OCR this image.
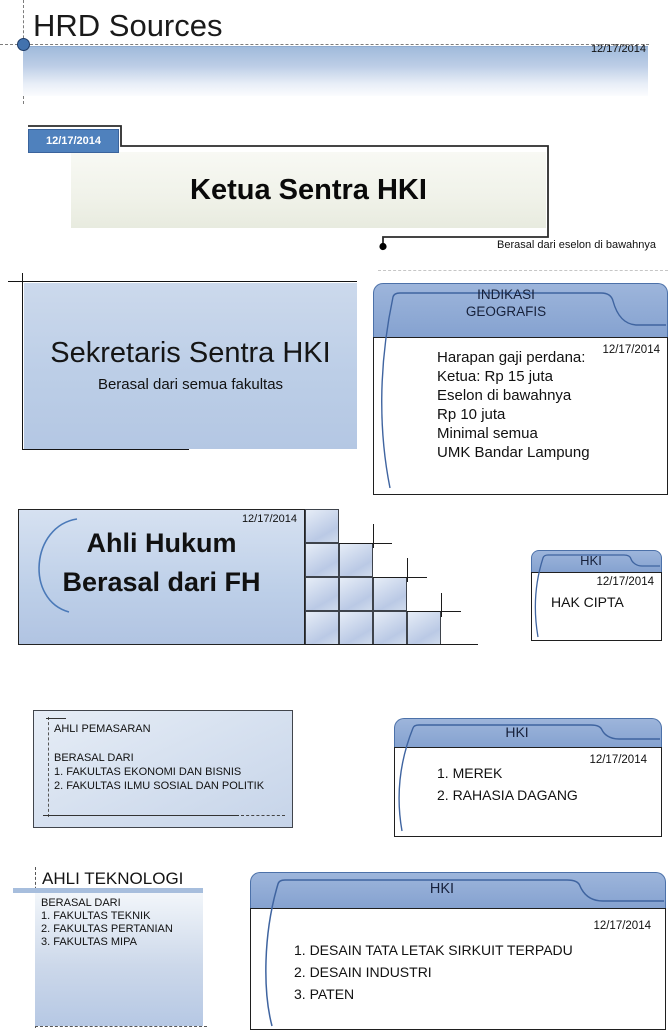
HRD Sources
12/17/2014
12/17/2014
Ketua Sentra HKI
Berasal dari eselon di bawahnya
Sekretaris Sentra HKI
Berasal dari semua fakultas
INDIKASI
GEOGRAFIS
12/17/2014
Harapan gaji perdana:
Ketua: Rp 15 juta
Eselon di bawahnya
Rp 10 juta
Minimal semua
UMK Bandar Lampung
12/17/2014
Ahli Hukum
Berasal dari FH
HKI
12/17/2014
HAK CIPTA
AHLI PEMASARAN
BERASAL DARI
1. FAKULTAS EKONOMI DAN BISNIS
2. FAKULTAS ILMU SOSIAL DAN POLITIK
HKI
12/17/2014
1. MEREK
2. RAHASIA DAGANG
AHLI TEKNOLOGI
BERASAL DARI
1. FAKULTAS TEKNIK
2. FAKULTAS PERTANIAN
3. FAKULTAS MIPA
HKI
12/17/2014
1. DESAIN TATA LETAK SIRKUIT TERPADU
2. DESAIN INDUSTRI
3. PATEN
